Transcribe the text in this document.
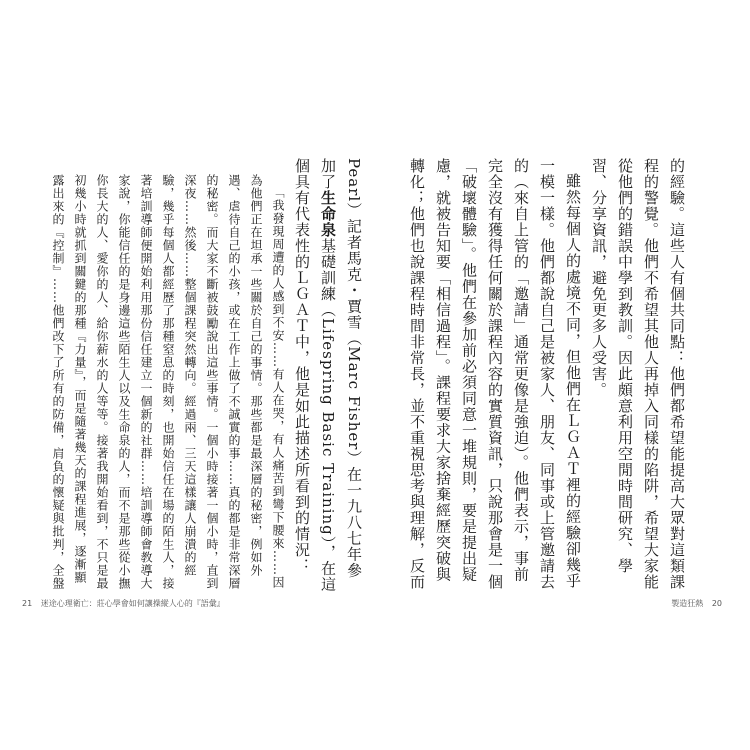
Pearl）記者馬克・賈雪（Marc Fisher）在一九八七年參加了生命泉基礎訓練（Lifespring Basic Training），在這個具有代表性的ＬＧＡＴ中，他是如此描述所看到的情況：

「我發現周遭的人感到不安……有人在哭，有人痛苦到彎下腰來……因為他們正在坦承一些關於自己的事情。那些都是最深層的秘密，例如外遇、虐待自己的小孩，或在工作上做了不誠實的事……真的都是非常深層的秘密。而大家不斷被鼓勵說出這些事情。一個小時接著一個小時，直到深夜……然後……整個課程突然轉向。經過兩、三天這樣讓人崩潰的經驗，幾乎每個人都經歷了那種窒息的時刻，也開始信任在場的陌生人，接著培訓導師便開始利用那份信任建立一個新的社群……培訓導師會教導大家說，你能信任的是身邊這些陌生人以及生命泉的人，而不是那些從小撫你長大的人、愛你的人、給你薪水的人等等。接著我開始看到，不只是最初幾小時就抓到關鍵的那種『力量』，而是隨著幾天的課程進展，逐漸顯露出來的『控制』……他們改下了所有的防備，肩負的懷疑與批判，全盤

21 迷途心理衛亡：莊心學會如何讓操縱人心的『語彙』

的經驗。這些人有個共同點：他們都希望能提高大眾對這類課程的警覺。他們不希望其他人再掉入同樣的陷阱，希望大家能從他們的錯誤中學到教訓。因此頗意利用空閒時間研究、學習、分享資訊，避免更多人受害。

雖然每個人的處境不同，但他們在ＬＧＡＴ裡的經驗卻幾乎一模一樣。他們都說自己是被家人、朋友、同事或上管邀請去的（來自上管的「邀請」通常更像是強迫）。他們表示，事前完全沒有獲得任何關於課程內容的實質資訊，只說那會是一個「破壞體驗」。他們在參加前必須同意一堆規則，要是提出疑慮，就被告知要「相信過程」。課程要求大家捨棄經歷突破與轉化；他們也說課程時間非常長，並不重視思考與理解，反而

製造狂熱 20
